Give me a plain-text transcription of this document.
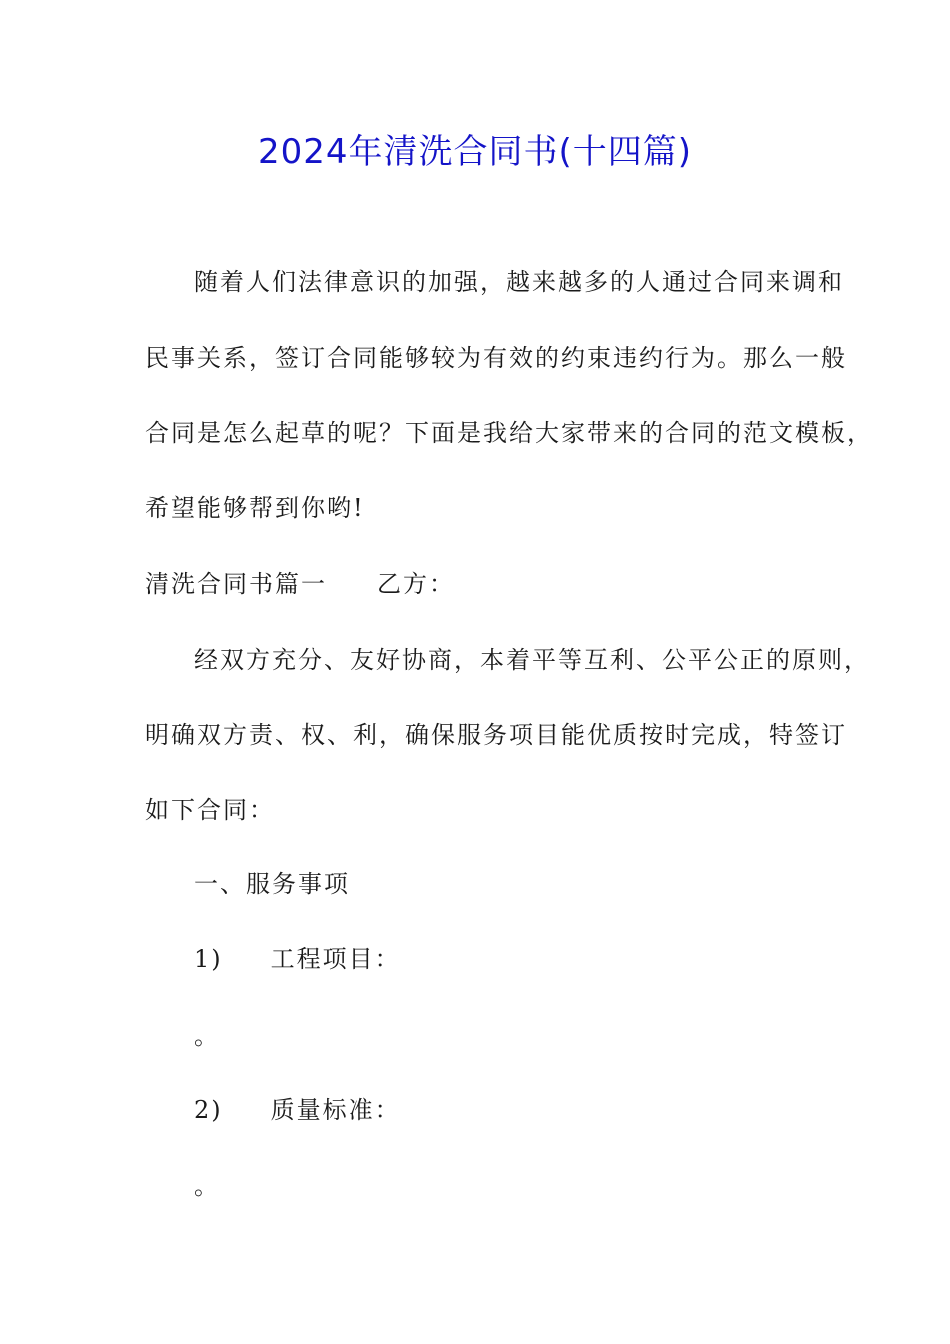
2024年清洗合同书(十四篇)
随着人们法律意识的加强，越来越多的人通过合同来调和
民事关系，签订合同能够较为有效的约束违约行为。那么一般
合同是怎么起草的呢？下面是我给大家带来的合同的范文模板，
希望能够帮到你哟!
清洗合同书篇一 乙方：
经双方充分、友好协商，本着平等互利、公平公正的原则，
明确双方责、权、利，确保服务项目能优质按时完成，特签订
如下合同：
一、服务事项
1) 工程项目：
。
2) 质量标准：
。
